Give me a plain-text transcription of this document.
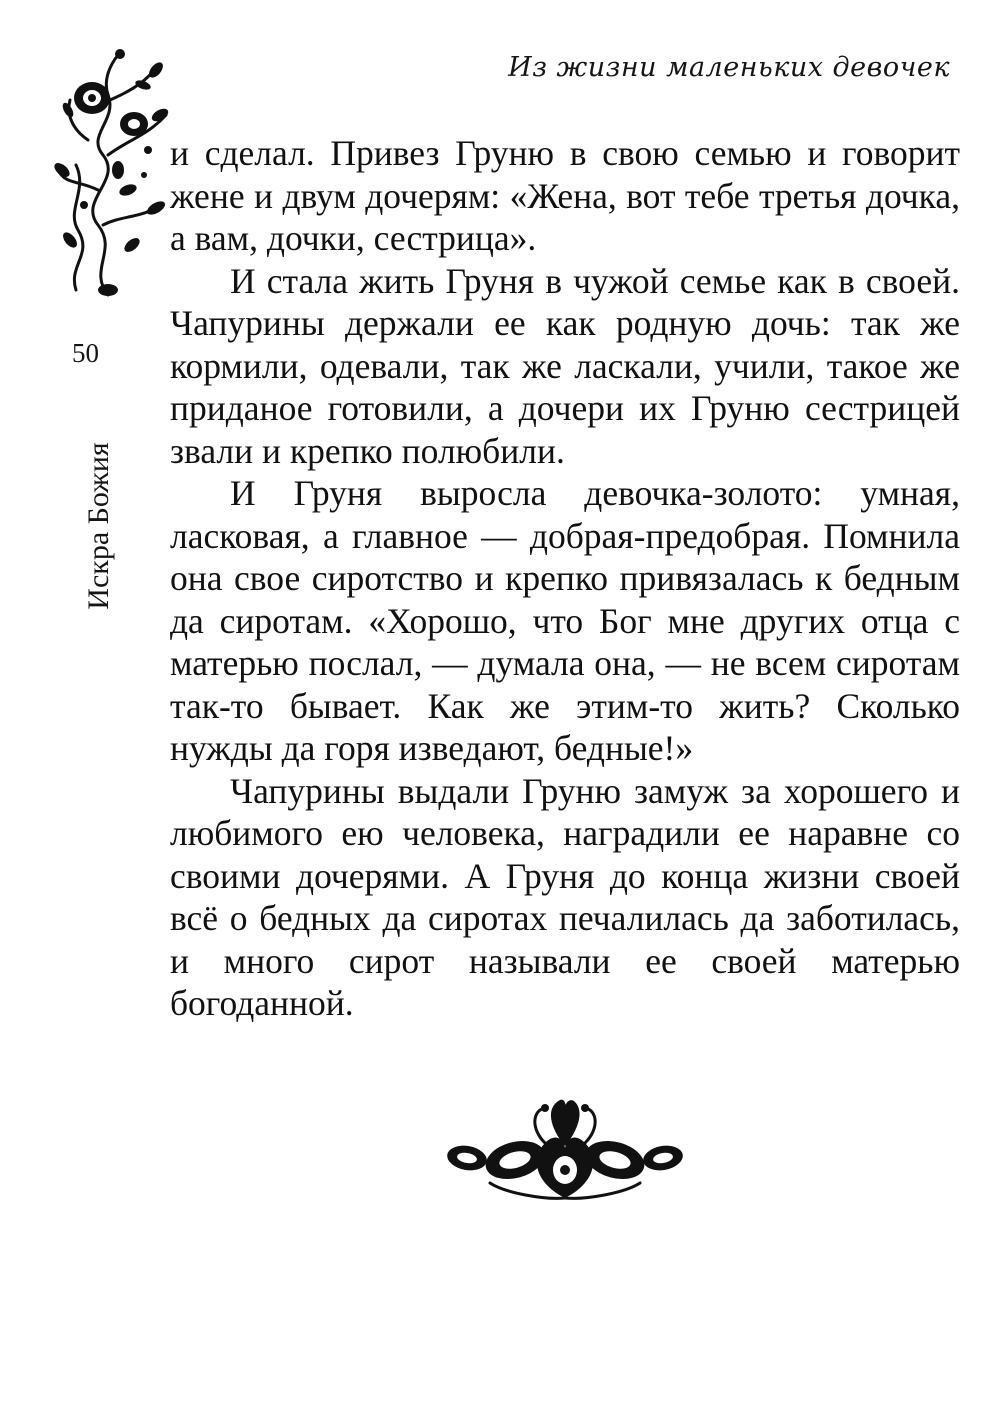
Из жизни маленьких девочек
50
Искра Божия

и сделал. Привез Груню в свою семью и говорит жене и двум дочерям: «Жена, вот тебе третья дочка, а вам, дочки, сестрица».

И стала жить Груня в чужой семье как в своей. Чапурины держали ее как родную дочь: так же кормили, одевали, так же ласкали, учили, такое же приданое готовили, а дочери их Груню сестрицей звали и крепко полюбили.

И Груня выросла девочка-золото: умная, ласковая, а главное — добрая-предобрая. Помнила она свое сиротство и крепко привязалась к бедным да сиротам. «Хорошо, что Бог мне других отца с матерью послал, — думала она, — не всем сиротам так-то бывает. Как же этим-то жить? Сколько нужды да горя изведают, бедные!»

Чапурины выдали Груню замуж за хорошего и любимого ею человека, наградили ее наравне со своими дочерями. А Груня до конца жизни своей всё о бедных да сиротах печалилась да заботилась, и много сирот называли ее своей матерью богоданной.
